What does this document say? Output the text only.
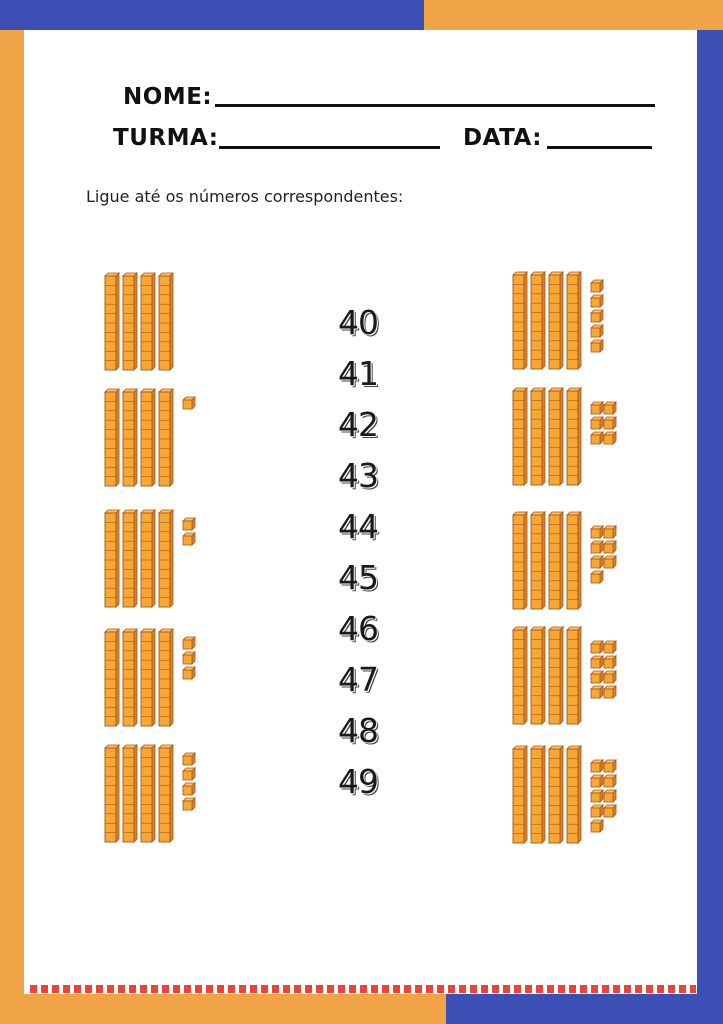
NOME:
TURMA:	DATA:
Ligue até os números correspondentes:
40
41
42
43
44
45
46
47
48
49
